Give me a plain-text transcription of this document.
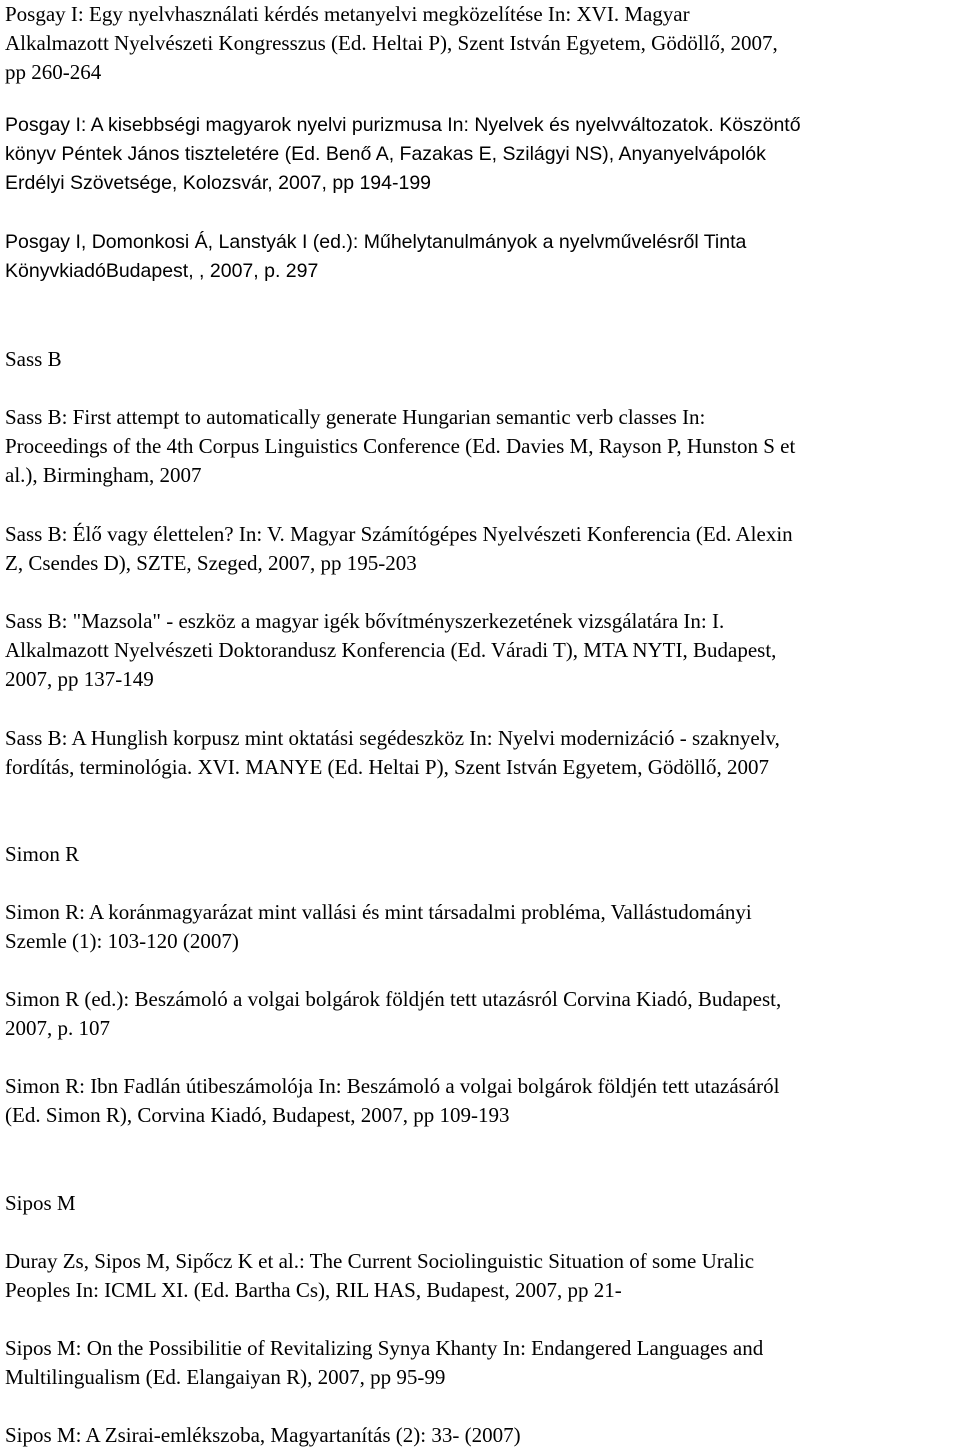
Posgay I: Egy nyelvhasználati kérdés metanyelvi megközelítése In: XVI. Magyar
Alkalmazott Nyelvészeti Kongresszus (Ed. Heltai P), Szent István Egyetem, Gödöllő, 2007,
pp 260-264

Posgay I: A kisebbségi magyarok nyelvi purizmusa In: Nyelvek és nyelvváltozatok. Köszöntő
könyv Péntek János tiszteletére (Ed. Benő A, Fazakas E, Szilágyi NS), Anyanyelvápolók
Erdélyi Szövetsége, Kolozsvár, 2007, pp 194-199

Posgay I, Domonkosi Á, Lanstyák I (ed.): Műhelytanulmányok a nyelvművelésről Tinta
KönyvkiadóBudapest, , 2007, p. 297

Sass B

Sass B: First attempt to automatically generate Hungarian semantic verb classes In:
Proceedings of the 4th Corpus Linguistics Conference (Ed. Davies M, Rayson P, Hunston S et
al.), Birmingham, 2007

Sass B: Élő vagy élettelen? In: V. Magyar Számítógépes Nyelvészeti Konferencia (Ed. Alexin
Z, Csendes D), SZTE, Szeged, 2007, pp 195-203

Sass B: "Mazsola" - eszköz a magyar igék bővítményszerkezetének vizsgálatára In: I.
Alkalmazott Nyelvészeti Doktorandusz Konferencia (Ed. Váradi T), MTA NYTI, Budapest,
2007, pp 137-149

Sass B: A Hunglish korpusz mint oktatási segédeszköz In: Nyelvi modernizáció - szaknyelv,
fordítás, terminológia. XVI. MANYE (Ed. Heltai P), Szent István Egyetem, Gödöllő, 2007

Simon R

Simon R: A koránmagyarázat mint vallási és mint társadalmi probléma, Vallástudományi
Szemle (1): 103-120 (2007)

Simon R (ed.): Beszámoló a volgai bolgárok földjén tett utazásról Corvina Kiadó, Budapest,
2007, p. 107

Simon R: Ibn Fadlán útibeszámolója In: Beszámoló a volgai bolgárok földjén tett utazásáról
(Ed. Simon R), Corvina Kiadó, Budapest, 2007, pp 109-193

Sipos M

Duray Zs, Sipos M, Sipőcz K et al.: The Current Sociolinguistic Situation of some Uralic
Peoples In: ICML XI. (Ed. Bartha Cs), RIL HAS, Budapest, 2007, pp 21-

Sipos M: On the Possibilitie of Revitalizing Synya Khanty In: Endangered Languages and
Multilingualism (Ed. Elangaiyan R), 2007, pp 95-99

Sipos M: A Zsirai-emlékszoba, Magyartanítás (2): 33- (2007)
